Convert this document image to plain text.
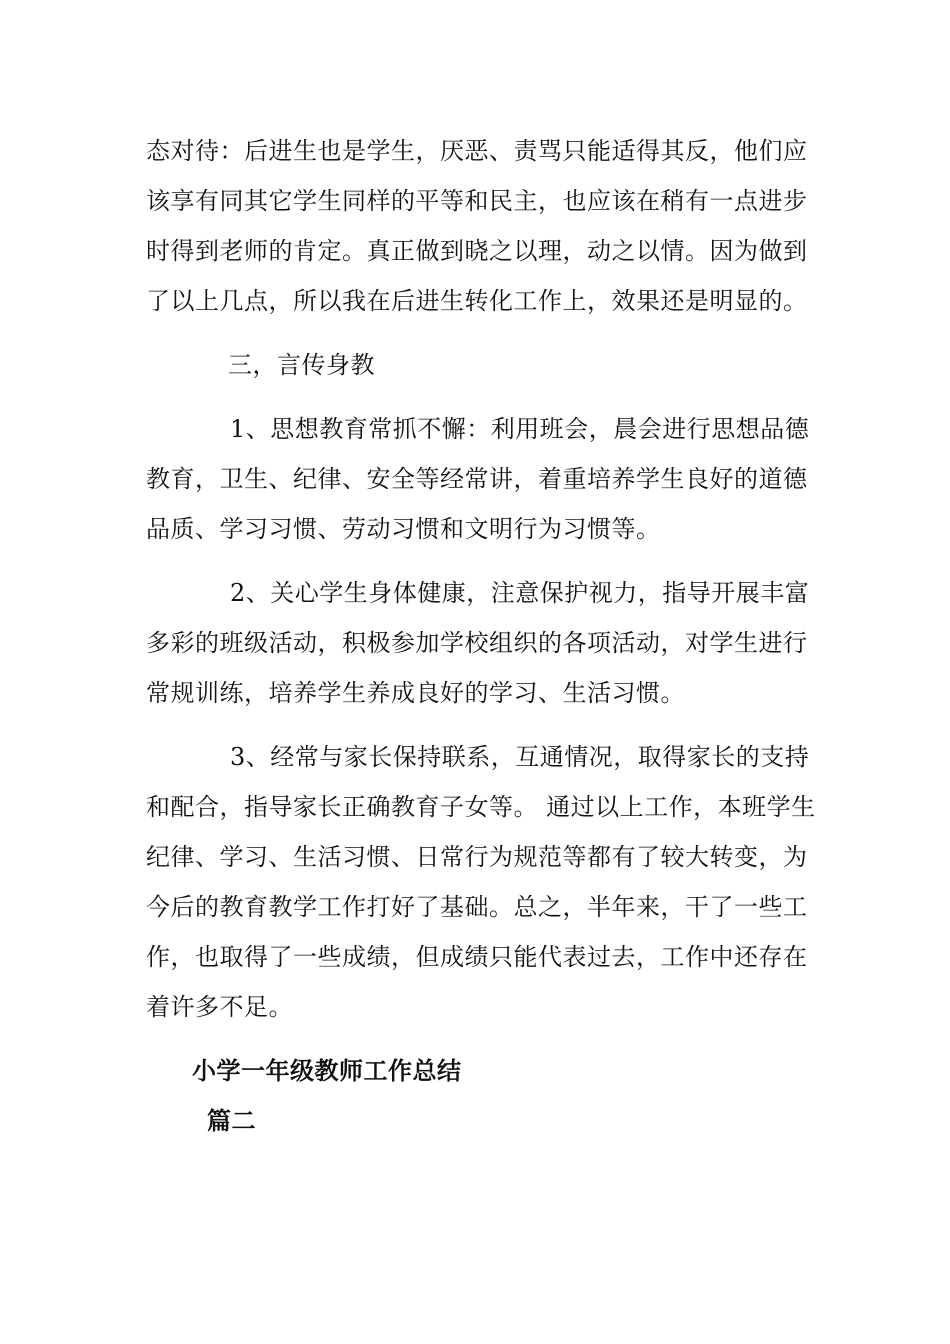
态对待：后进生也是学生，厌恶、责骂只能适得其反，他们应
该享有同其它学生同样的平等和民主，也应该在稍有一点进步
时得到老师的肯定。真正做到晓之以理，动之以情。因为做到
了以上几点，所以我在后进生转化工作上，效果还是明显的。
三，言传身教
1、思想教育常抓不懈：利用班会，晨会进行思想品德
教育，卫生、纪律、安全等经常讲，着重培养学生良好的道德
品质、学习习惯、劳动习惯和文明行为习惯等。
2、关心学生身体健康，注意保护视力，指导开展丰富
多彩的班级活动，积极参加学校组织的各项活动，对学生进行
常规训练，培养学生养成良好的学习、生活习惯。
3、经常与家长保持联系，互通情况，取得家长的支持
和配合，指导家长正确教育子女等。 通过以上工作，本班学生
纪律、学习、生活习惯、日常行为规范等都有了较大转变，为
今后的教育教学工作打好了基础。总之，半年来，干了一些工
作，也取得了一些成绩，但成绩只能代表过去，工作中还存在
着许多不足。
小学一年级教师工作总结
篇二
